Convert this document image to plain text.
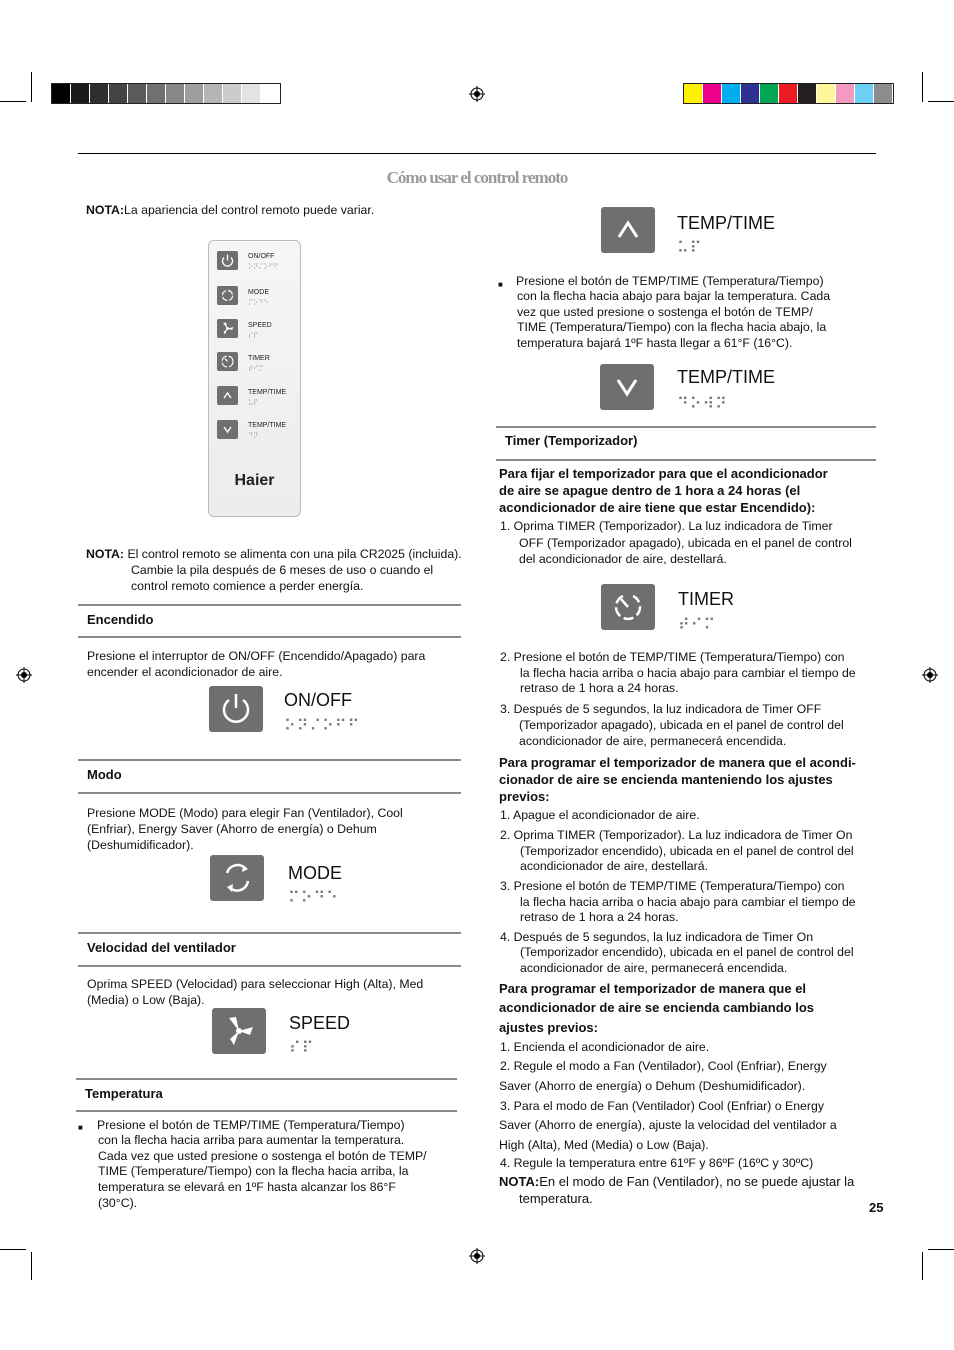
Cómo usar el control remoto
NOTA:La apariencia del control remoto puede variar.
ON/OFF
⠕⠝⠌⠕⠋⠋
MODE
⠍⠕⠙⠑
SPEED
⠎⠏
TIMER
⠞⠊⠍
TEMP/TIME
⠥⠏
TEMP/TIME
⠙⠝
Haier
NOTA: El control remoto se alimenta con una pila CR2025 (incluida).
Cambie la pila después de 6 meses de uso o cuando el
control remoto comience a perder energía.
Encendido
Presione el interruptor de ON/OFF (Encendido/Apagado) para
encender el acondicionador de aire.
ON/OFF
⠕⠝⠌⠕⠋⠋
Modo
Presione MODE (Modo) para elegir Fan (Ventilador), Cool
(Enfriar), Energy Saver (Ahorro de energía) o Dehum
(Deshumidificador).
MODE
⠍⠕⠙⠑
Velocidad del ventilador
Oprima SPEED (Velocidad) para seleccionar High (Alta), Med
(Media) o Low (Baja).
SPEED
⠎⠏
Temperatura
■ Presione el botón de TEMP/TIME (Temperatura/Tiempo)
con la flecha hacia arriba para aumentar la temperatura.
Cada vez que usted presione o sostenga el botón de TEMP/
TIME (Temperature/Tiempo) con la flecha hacia arriba, la
temperatura se elevará en 1ºF hasta alcanzar los 86°F
(30°C).
TEMP/TIME
⠥⠏
■ Presione el botón de TEMP/TIME (Temperatura/Tiempo)
con la flecha hacia abajo para bajar la temperatura. Cada
vez que usted presione o sostenga el botón de TEMP/
TIME (Temperatura/Tiempo) con la flecha hacia abajo, la
temperatura bajará 1ºF hasta llegar a 61°F (16°C).
TEMP/TIME
⠙⠕⠺⠝
Timer (Temporizador)
Para fijar el temporizador para que el acondicionador
de aire se apague dentro de 1 hora a 24 horas (el
acondicionador de aire tiene que estar Encendido):
1. Oprima TIMER (Temporizador). La luz indicadora de Timer
OFF (Temporizador apagado), ubicada en el panel de control
del acondicionador de aire, destellará.
TIMER
⠞⠊⠍
2. Presione el botón de TEMP/TIME (Temperatura/Tiempo) con
la flecha hacia arriba o hacia abajo para cambiar el tiempo de
retraso de 1 hora a 24 horas.
3. Después de 5 segundos, la luz indicadora de Timer OFF
(Temporizador apagado), ubicada en el panel de control del
acondicionador de aire, permanecerá encendida.
Para programar el temporizador de manera que el acondi-
cionador de aire se encienda manteniendo los ajustes
previos:
1. Apague el acondicionador de aire.
2. Oprima TIMER (Temporizador). La luz indicadora de Timer On
(Temporizador encendido), ubicada en el panel de control del
acondicionador de aire, destellará.
3. Presione el botón de TEMP/TIME (Temperatura/Tiempo) con
la flecha hacia arriba o hacia abajo para cambiar el tiempo de
retraso de 1 hora a 24 horas.
4. Después de 5 segundos, la luz indicadora de Timer On
(Temporizador encendido), ubicada en el panel de control del
acondicionador de aire, permanecerá encendida.
Para programar el temporizador de manera que el
acondicionador de aire se encienda cambiando los
ajustes previos:
1. Encienda el acondicionador de aire.
2. Regule el modo a Fan (Ventilador), Cool (Enfriar), Energy
Saver (Ahorro de energía) o Dehum (Deshumidificador).
3. Para el modo de Fan (Ventilador) Cool (Enfriar) o Energy
Saver (Ahorro de energía), ajuste la velocidad del ventilador a
High (Alta), Med (Media) o Low (Baja).
4. Regule la temperatura entre 61ºF y 86ºF (16ºC y 30ºC)
NOTA:En el modo de Fan (Ventilador), no se puede ajustar la
temperatura.
25
